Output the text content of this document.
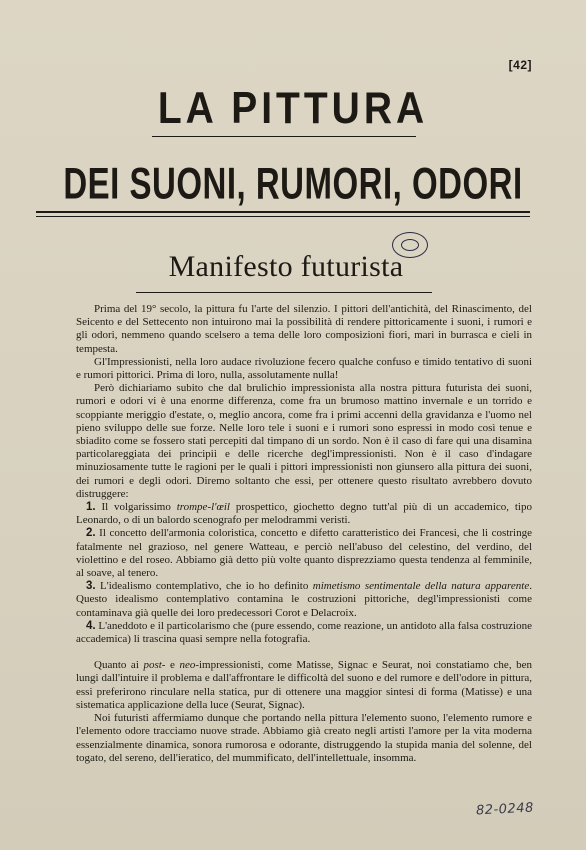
[42]
LA PITTURA
DEI SUONI, RUMORI, ODORI
Manifesto futurista

Prima del 19° secolo, la pittura fu l'arte del silenzio. I pittori dell'antichità, del Rinascimento, del Seicento e del Settecento non intuirono mai la possibilità di rendere pittoricamente i suoni, i rumori e gli odori, nemmeno quando scelsero a tema delle loro composizioni fiori, mari in burrasca e cieli in tempesta.

Gl'Impressionisti, nella loro audace rivoluzione fecero qualche confuso e timido tentativo di suoni e rumori pittorici. Prima di loro, nulla, assolutamente nulla!

Però dichiariamo subito che dal brulichio impressionista alla nostra pittura futurista dei suoni, rumori e odori vi è una enorme differenza, come fra un brumoso mattino invernale e un torrido e scoppiante meriggio d'estate, o, meglio ancora, come fra i primi accenni della gravidanza e l'uomo nel pieno sviluppo delle sue forze. Nelle loro tele i suoni e i rumori sono espressi in modo così tenue e sbiadito come se fossero stati percepiti dal timpano di un sordo. Non è il caso di fare qui una disamina particolareggiata dei principii e delle ricerche degl'impressionisti. Non è il caso d'indagare minuziosamente tutte le ragioni per le quali i pittori impressionisti non giunsero alla pittura dei suoni, dei rumori e degli odori. Diremo soltanto che essi, per ottenere questo risultato avrebbero dovuto distruggere:

1. Il volgarissimo trompe-l'œil prospettico, giochetto degno tutt'al più di un accademico, tipo Leonardo, o di un balordo scenografo per melodrammi veristi.

2. Il concetto dell'armonia coloristica, concetto e difetto caratteristico dei Francesi, che li costringe fatalmente nel grazioso, nel genere Watteau, e perciò nell'abuso del celestino, del verdino, del violettino e del roseo. Abbiamo già detto più volte quanto disprezziamo questa tendenza al femminile, al soave, al tenero.

3. L'idealismo contemplativo, che io ho definito mimetismo sentimentale della natura apparente. Questo idealismo contemplativo contamina le costruzioni pittoriche, degl'impressionisti come contaminava già quelle dei loro predecessori Corot e Delacroix.

4. L'aneddoto e il particolarismo che (pure essendo, come reazione, un antidoto alla falsa costruzione accademica) li trascina quasi sempre nella fotografia.

Quanto ai post- e neo-impressionisti, come Matisse, Signac e Seurat, noi constatiamo che, ben lungi dall'intuire il problema e dall'affrontare le difficoltà del suono e del rumore e dell'odore in pittura, essi preferirono rinculare nella statica, pur di ottenere una maggior sintesi di forma (Matisse) e una sistematica applicazione della luce (Seurat, Signac).

Noi futuristi affermiamo dunque che portando nella pittura l'elemento suono, l'elemento rumore e l'elemento odore tracciamo nuove strade. Abbiamo già creato negli artisti l'amore per la vita moderna essenzialmente dinamica, sonora rumorosa e odorante, distruggendo la stupida mania del solenne, del togato, del sereno, dell'ieratico, del mummificato, dell'intellettuale, insomma.

82-0248
